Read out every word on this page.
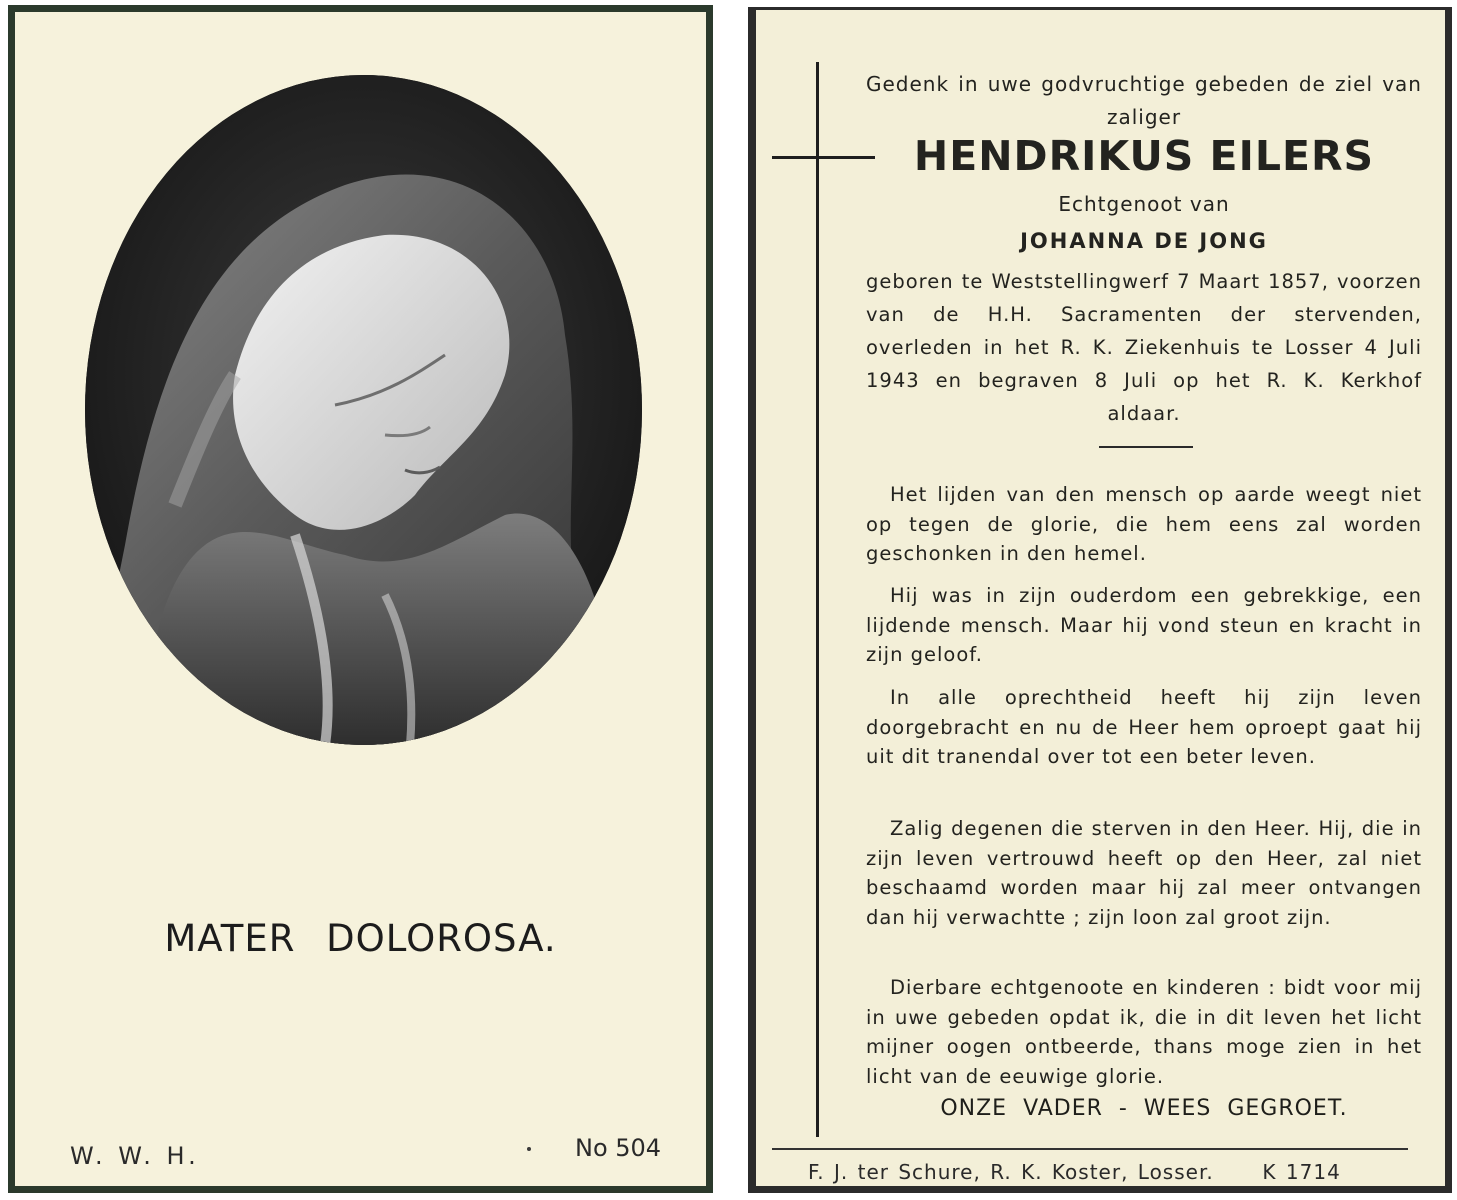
MATER DOLOROSA.
W. W. H.	No 504
Gedenk in uwe godvruchtige gebeden de ziel van zaliger
HENDRIKUS EILERS
Echtgenoot van
JOHANNA DE JONG

geboren te Weststellingwerf 7 Maart 1857, voorzen van de H.H. Sacramenten der stervenden, overleden in het R. K. Ziekenhuis te Losser 4 Juli 1943 en begraven 8 Juli op het R. K. Kerkhof aldaar.

Het lijden van den mensch op aarde weegt niet op tegen de glorie, die hem eens zal worden geschonken in den hemel.

Hij was in zijn ouderdom een gebrekkige, een lijdende mensch. Maar hij vond steun en kracht in zijn geloof.

In alle oprechtheid heeft hij zijn leven doorgebracht en nu de Heer hem oproept gaat hij uit dit tranendal over tot een beter leven.

Zalig degenen die sterven in den Heer. Hij, die in zijn leven vertrouwd heeft op den Heer, zal niet beschaamd worden maar hij zal meer ontvangen dan hij verwachtte ; zijn loon zal groot zijn.

Dierbare echtgenoote en kinderen : bidt voor mij in uwe gebeden opdat ik, die in dit leven het licht mijner oogen ontbeerde, thans moge zien in het licht van de eeuwige glorie.

ONZE VADER - WEES GEGROET.
F. J. ter Schure, R. K. Koster, Losser. K 1714
